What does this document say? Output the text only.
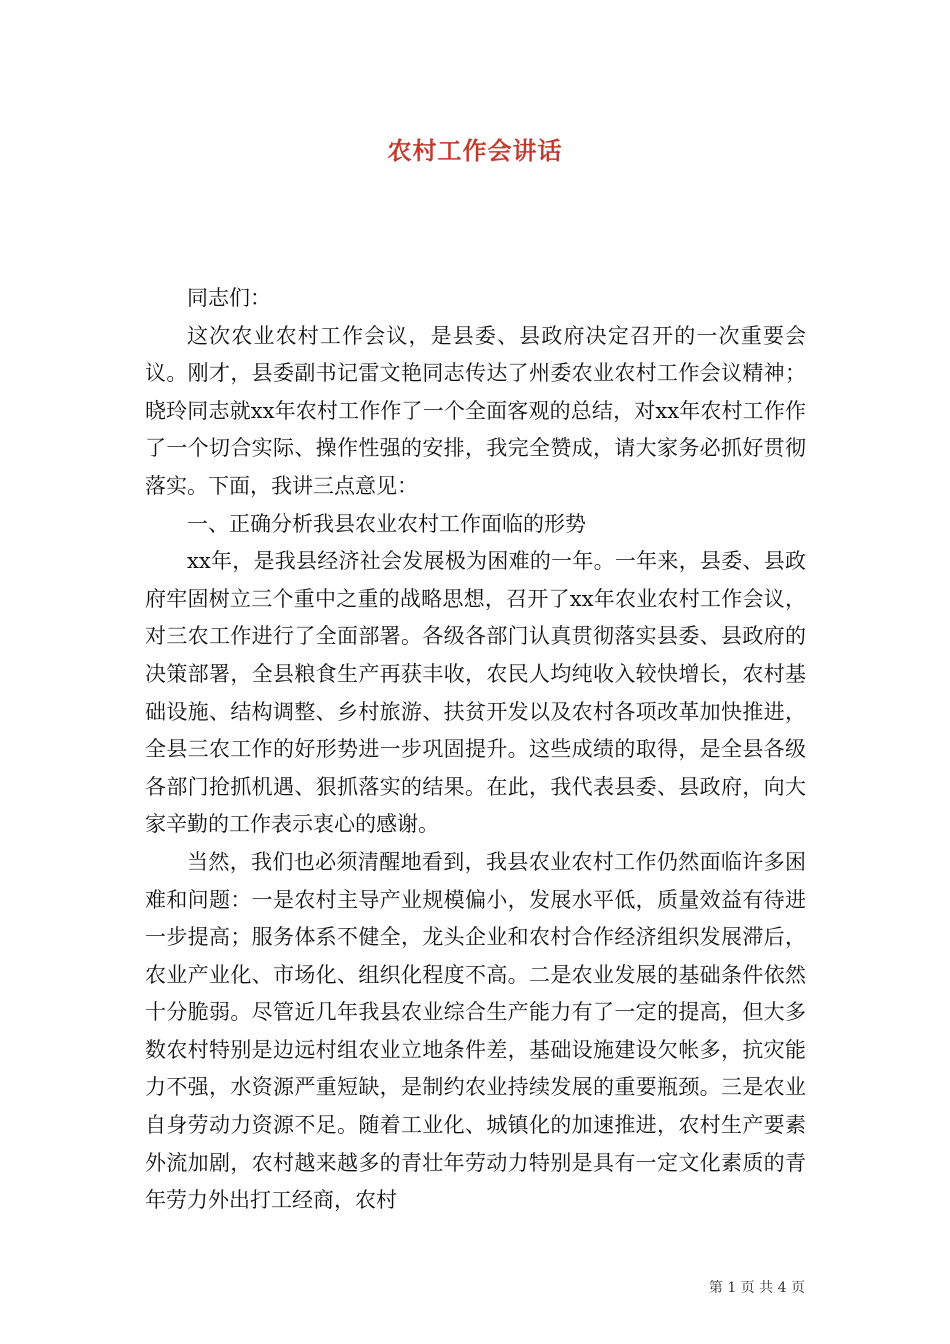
农村工作会讲话

同志们：

这次农业农村工作会议，是县委、县政府决定召开的一次重要会议。刚才，县委副书记雷文艳同志传达了州委农业农村工作会议精神；晓玲同志就xx年农村工作作了一个全面客观的总结，对xx年农村工作作了一个切合实际、操作性强的安排，我完全赞成，请大家务必抓好贯彻落实。下面，我讲三点意见：

一、正确分析我县农业农村工作面临的形势

xx年，是我县经济社会发展极为困难的一年。一年来，县委、县政府牢固树立三个重中之重的战略思想，召开了xx年农业农村工作会议，对三农工作进行了全面部署。各级各部门认真贯彻落实县委、县政府的决策部署，全县粮食生产再获丰收，农民人均纯收入较快增长，农村基础设施、结构调整、乡村旅游、扶贫开发以及农村各项改革加快推进，全县三农工作的好形势进一步巩固提升。这些成绩的取得，是全县各级各部门抢抓机遇、狠抓落实的结果。在此，我代表县委、县政府，向大家辛勤的工作表示衷心的感谢。

当然，我们也必须清醒地看到，我县农业农村工作仍然面临许多困难和问题：一是农村主导产业规模偏小，发展水平低，质量效益有待进一步提高；服务体系不健全，龙头企业和农村合作经济组织发展滞后，农业产业化、市场化、组织化程度不高。二是农业发展的基础条件依然十分脆弱。尽管近几年我县农业综合生产能力有了一定的提高，但大多数农村特别是边远村组农业立地条件差，基础设施建设欠帐多，抗灾能力不强，水资源严重短缺，是制约农业持续发展的重要瓶颈。三是农业自身劳动力资源不足。随着工业化、城镇化的加速推进，农村生产要素外流加剧，农村越来越多的青壮年劳动力特别是具有一定文化素质的青年劳力外出打工经商，农村

第 1 页 共 4 页
